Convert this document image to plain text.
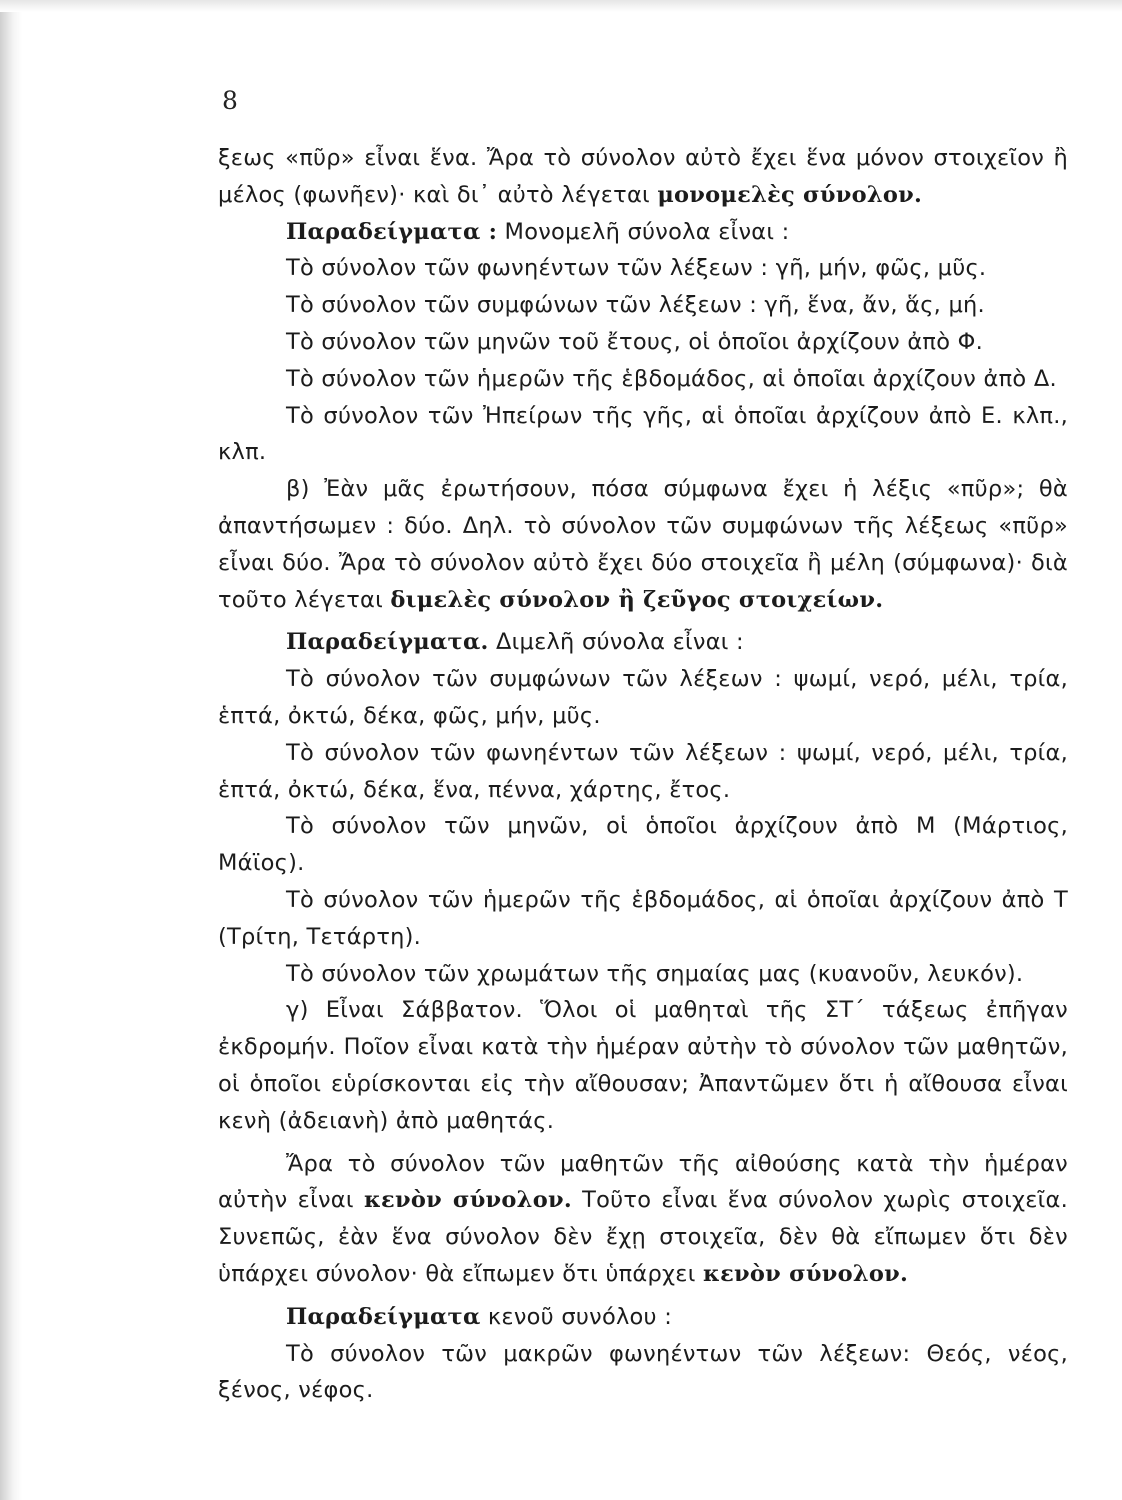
8

ξεως «πῦρ» εἶναι ἕνα. Ἄρα τὸ σύνολον αὐτὸ ἔχει ἕνα μόνον στοιχεῖον ἢ μέλος (φωνῆεν)· καὶ δι᾽ αὐτὸ λέγεται μονομελὲς σύνολον.

Παραδείγματα : Μονομελῆ σύνολα εἶναι :

Τὸ σύνολον τῶν φωνηέντων τῶν λέξεων : γῆ, μήν, φῶς, μῦς.

Τὸ σύνολον τῶν συμφώνων τῶν λέξεων : γῆ, ἕνα, ἄν, ἅς, μή.

Τὸ σύνολον τῶν μηνῶν τοῦ ἔτους, οἱ ὁποῖοι ἀρχίζουν ἀπὸ Φ.

Τὸ σύνολον τῶν ἡμερῶν τῆς ἑβδομάδος, αἱ ὁποῖαι ἀρχίζουν ἀπὸ Δ.

Τὸ σύνολον τῶν Ἠπείρων τῆς γῆς, αἱ ὁποῖαι ἀρχίζουν ἀπὸ Ε. κλπ., κλπ.

β) Ἐὰν μᾶς ἐρωτήσουν, πόσα σύμφωνα ἔχει ἡ λέξις «πῦρ»; θὰ ἀπαντήσωμεν : δύο. Δηλ. τὸ σύνολον τῶν συμφώνων τῆς λέξεως «πῦρ» εἶναι δύο. Ἄρα τὸ σύνολον αὐτὸ ἔχει δύο στοιχεῖα ἢ μέλη (σύμφωνα)· διὰ τοῦτο λέγεται διμελὲς σύνολον ἢ ζεῦγος στοιχείων.

Παραδείγματα. Διμελῆ σύνολα εἶναι :

Τὸ σύνολον τῶν συμφώνων τῶν λέξεων : ψωμί, νερό, μέλι, τρία, ἑπτά, ὀκτώ, δέκα, φῶς, μήν, μῦς.

Τὸ σύνολον τῶν φωνηέντων τῶν λέξεων : ψωμί, νερό, μέλι, τρία, ἑπτά, ὀκτώ, δέκα, ἕνα, πέννα, χάρτης, ἔτος.

Τὸ σύνολον τῶν μηνῶν, οἱ ὁποῖοι ἀρχίζουν ἀπὸ Μ (Μάρτιος, Μάϊος).

Τὸ σύνολον τῶν ἡμερῶν τῆς ἑβδομάδος, αἱ ὁποῖαι ἀρχίζουν ἀπὸ Τ (Τρίτη, Τετάρτη).

Τὸ σύνολον τῶν χρωμάτων τῆς σημαίας μας (κυανοῦν, λευκόν).

γ) Εἶναι Σάββατον. Ὅλοι οἱ μαθηταὶ τῆς ΣΤ΄ τάξεως ἐπῆγαν ἐκδρομήν. Ποῖον εἶναι κατὰ τὴν ἡμέραν αὐτὴν τὸ σύνολον τῶν μαθητῶν, οἱ ὁποῖοι εὑρίσκονται εἰς τὴν αἴθουσαν; Ἀπαντῶμεν ὅτι ἡ αἴθουσα εἶναι κενὴ (ἀδειανὴ) ἀπὸ μαθητάς.

Ἄρα τὸ σύνολον τῶν μαθητῶν τῆς αἰθούσης κατὰ τὴν ἡμέραν αὐτὴν εἶναι κενὸν σύνολον. Τοῦτο εἶναι ἕνα σύνολον χωρὶς στοιχεῖα. Συνεπῶς, ἐὰν ἕνα σύνολον δὲν ἔχῃ στοιχεῖα, δὲν θὰ εἴπωμεν ὅτι δὲν ὑπάρχει σύνολον· θὰ εἴπωμεν ὅτι ὑπάρχει κενὸν σύνολον.

Παραδείγματα κενοῦ συνόλου :

Τὸ σύνολον τῶν μακρῶν φωνηέντων τῶν λέξεων: Θεός, νέος, ξένος, νέφος.
